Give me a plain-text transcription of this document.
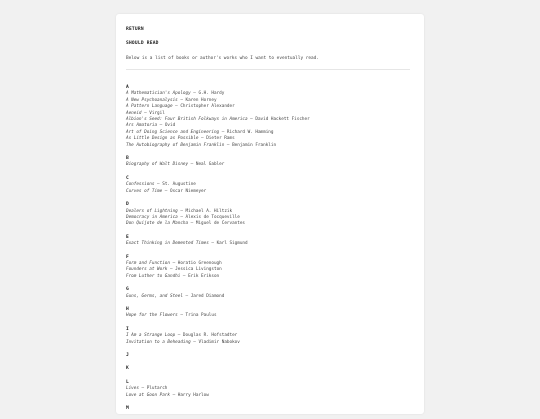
RETURN
SHOULD READ
Below is a list of books or author's works who I want to eventually read.
A
A Mathematician's Apology – G.H. Hardy
A New Psychoanalysis – Karen Horney
A Pattern Language – Christopher Alexander
Aeneid – Virgil
Albion's Seed: Four British Folkways in America – David Hackett Fischer
Ars Amatoria – Ovid
Art of Doing Science and Engineering – Richard W. Hamming
As Little Design as Possible – Dieter Rams
The Autobiography of Benjamin Franklin – Benjamin Franklin
B
Biography of Walt Disney – Neal Gabler
C
Confessions – St. Augustine
Curves of Time – Oscar Niemeyer
D
Dealers of Lightning – Michael A. Hiltzik
Democracy in America – Alexis de Tocqueville
Don Quijote de la Mancha – Miguel de Cervantes
E
Exact Thinking in Demented Times – Karl Sigmund
F
Form and Function – Horatio Greenough
Founders at Work – Jessica Livingston
From Luther to Gandhi – Erik Erikson
G
Guns, Germs, and Steel – Jared Diamond
H
Hope for the Flowers – Trina Paulus
I
I Am a Strange Loop – Douglas R. Hofstadter
Invitation to a Beheading – Vladimir Nabokov
J
K
L
Lives – Plutarch
Love at Goon Park – Harry Harlow
M
